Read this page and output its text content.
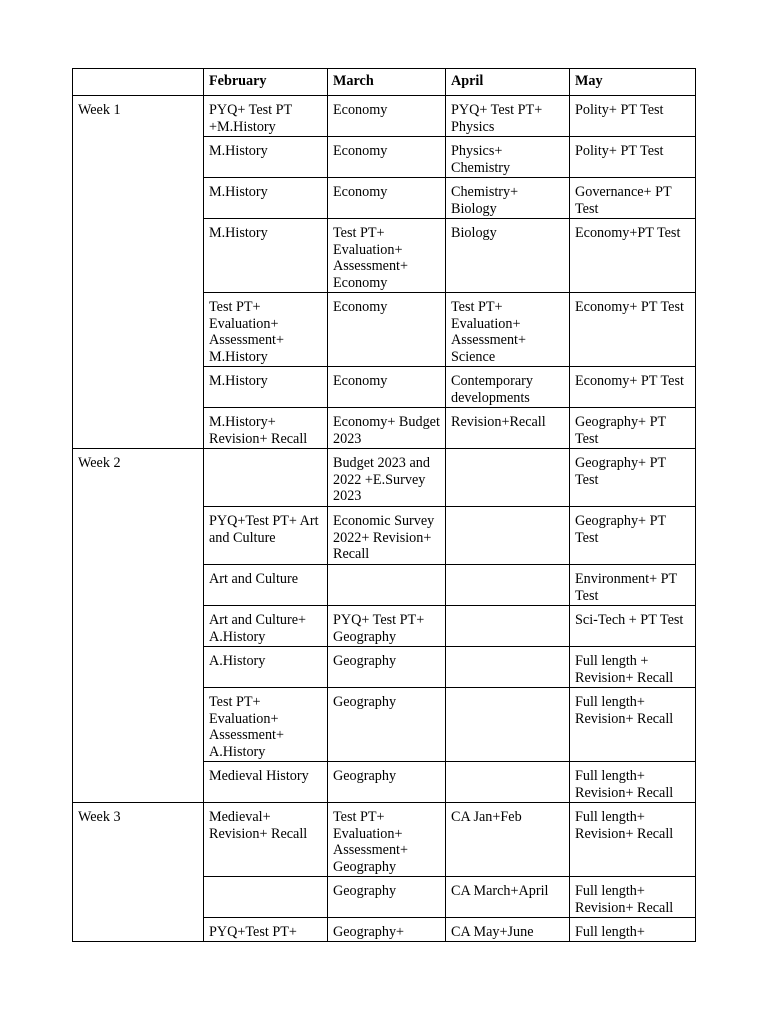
	February	March	April	May
Week 1	PYQ+ Test PT +M.History	Economy	PYQ+ Test PT+ Physics	Polity+ PT Test
	M.History	Economy	Physics+ Chemistry	Polity+ PT Test
	M.History	Economy	Chemistry+ Biology	Governance+ PT Test
	M.History	Test PT+ Evaluation+ Assessment+ Economy	Biology	Economy+PT Test
	Test PT+ Evaluation+ Assessment+ M.History	Economy	Test PT+ Evaluation+ Assessment+ Science	Economy+ PT Test
	M.History	Economy	Contemporary developments	Economy+ PT Test
	M.History+ Revision+ Recall	Economy+ Budget 2023	Revision+Recall	Geography+ PT Test
Week 2		Budget 2023 and 2022 +E.Survey 2023		Geography+ PT Test
	PYQ+Test PT+ Art and Culture	Economic Survey 2022+ Revision+ Recall		Geography+ PT Test
	Art and Culture			Environment+ PT Test
	Art and Culture+ A.History	PYQ+ Test PT+ Geography		Sci-Tech + PT Test
	A.History	Geography		Full length + Revision+ Recall
	Test PT+ Evaluation+ Assessment+ A.History	Geography		Full length+ Revision+ Recall
	Medieval History	Geography		Full length+ Revision+ Recall
Week 3	Medieval+ Revision+ Recall	Test PT+ Evaluation+ Assessment+ Geography	CA Jan+Feb	Full length+ Revision+ Recall
		Geography	CA March+April	Full length+ Revision+ Recall
	PYQ+Test PT+	Geography+	CA May+June	Full length+
